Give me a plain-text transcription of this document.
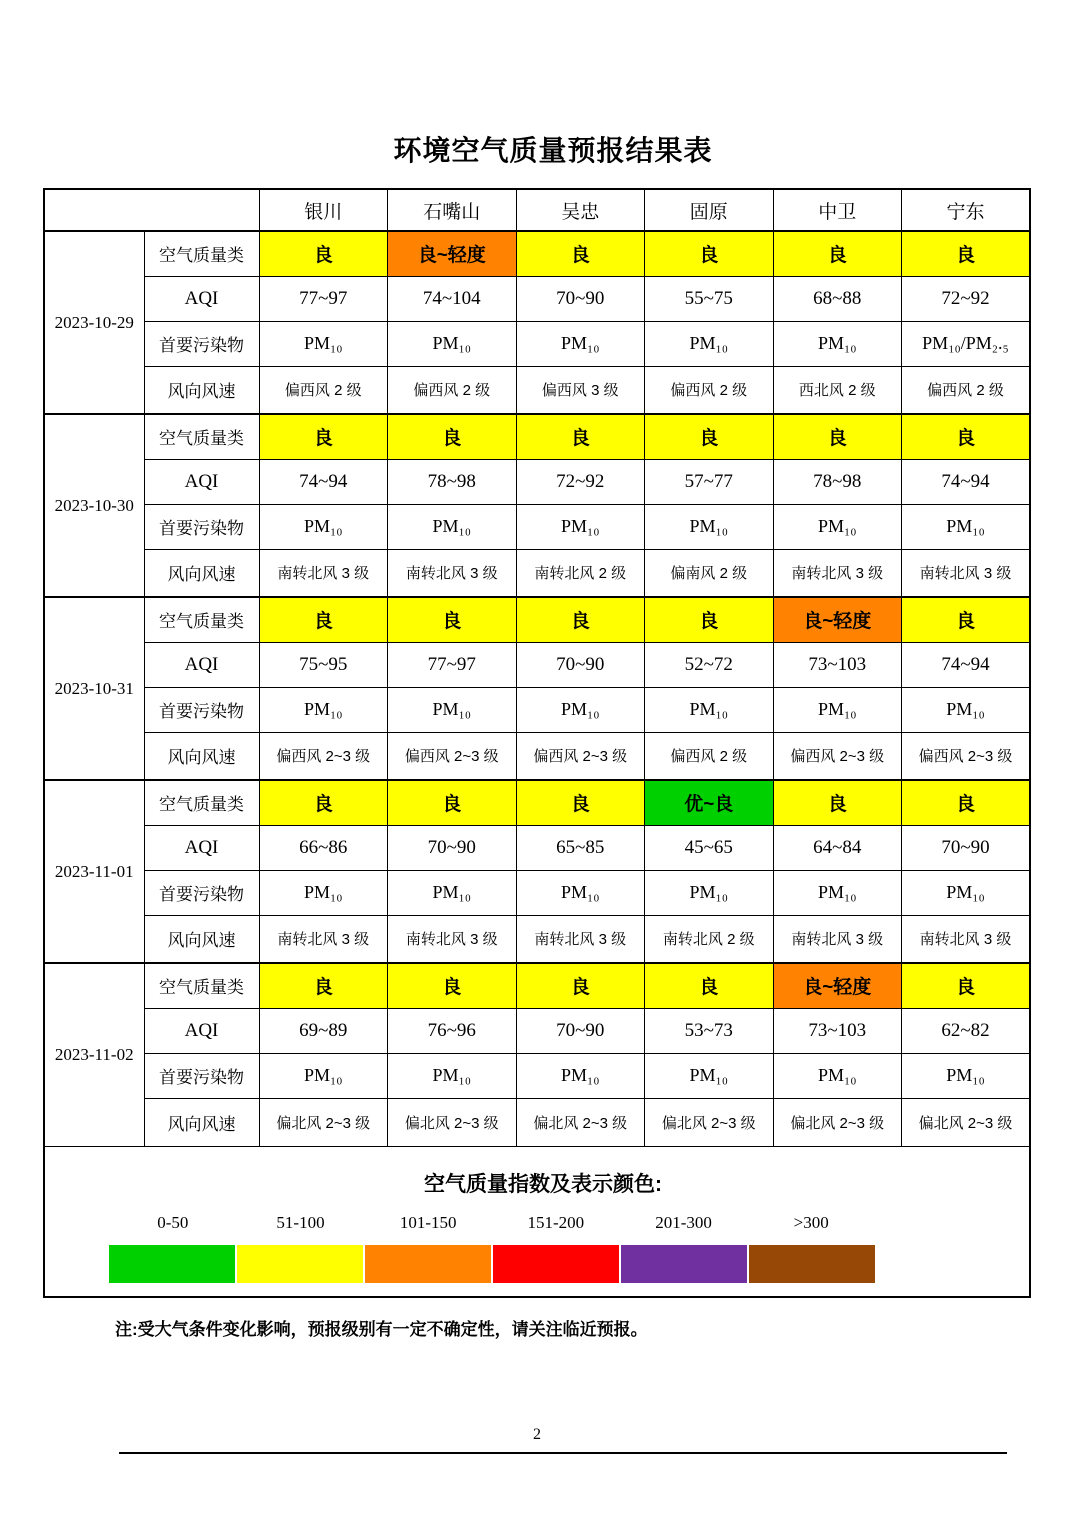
环境空气质量预报结果表
		银川	石嘴山	吴忠	固原	中卫	宁东
2023-10-29	空气质量类	良	良~轻度	良	良	良	良
	AQI	77~97	74~104	70~90	55~75	68~88	72~92
	首要污染物	PM₁₀	PM₁₀	PM₁₀	PM₁₀	PM₁₀	PM₁₀/PM₂.₅
	风向风速	偏西风 2 级	偏西风 2 级	偏西风 3 级	偏西风 2 级	西北风 2 级	偏西风 2 级
2023-10-30	空气质量类	良	良	良	良	良	良
	AQI	74~94	78~98	72~92	57~77	78~98	74~94
	首要污染物	PM₁₀	PM₁₀	PM₁₀	PM₁₀	PM₁₀	PM₁₀
	风向风速	南转北风 3 级	南转北风 3 级	南转北风 2 级	偏南风 2 级	南转北风 3 级	南转北风 3 级
2023-10-31	空气质量类	良	良	良	良	良~轻度	良
	AQI	75~95	77~97	70~90	52~72	73~103	74~94
	首要污染物	PM₁₀	PM₁₀	PM₁₀	PM₁₀	PM₁₀	PM₁₀
	风向风速	偏西风 2~3 级	偏西风 2~3 级	偏西风 2~3 级	偏西风 2 级	偏西风 2~3 级	偏西风 2~3 级
2023-11-01	空气质量类	良	良	良	优~良	良	良
	AQI	66~86	70~90	65~85	45~65	64~84	70~90
	首要污染物	PM₁₀	PM₁₀	PM₁₀	PM₁₀	PM₁₀	PM₁₀
	风向风速	南转北风 3 级	南转北风 3 级	南转北风 3 级	南转北风 2 级	南转北风 3 级	南转北风 3 级
2023-11-02	空气质量类	良	良	良	良	良~轻度	良
	AQI	69~89	76~96	70~90	53~73	73~103	62~82
	首要污染物	PM₁₀	PM₁₀	PM₁₀	PM₁₀	PM₁₀	PM₁₀
	风向风速	偏北风 2~3 级	偏北风 2~3 级	偏北风 2~3 级	偏北风 2~3 级	偏北风 2~3 级	偏北风 2~3 级

空气质量指数及表示颜色:
0-50	51-100	101-150	151-200	201-300	>300
注:受大气条件变化影响，预报级别有一定不确定性，请关注临近预报。
2
